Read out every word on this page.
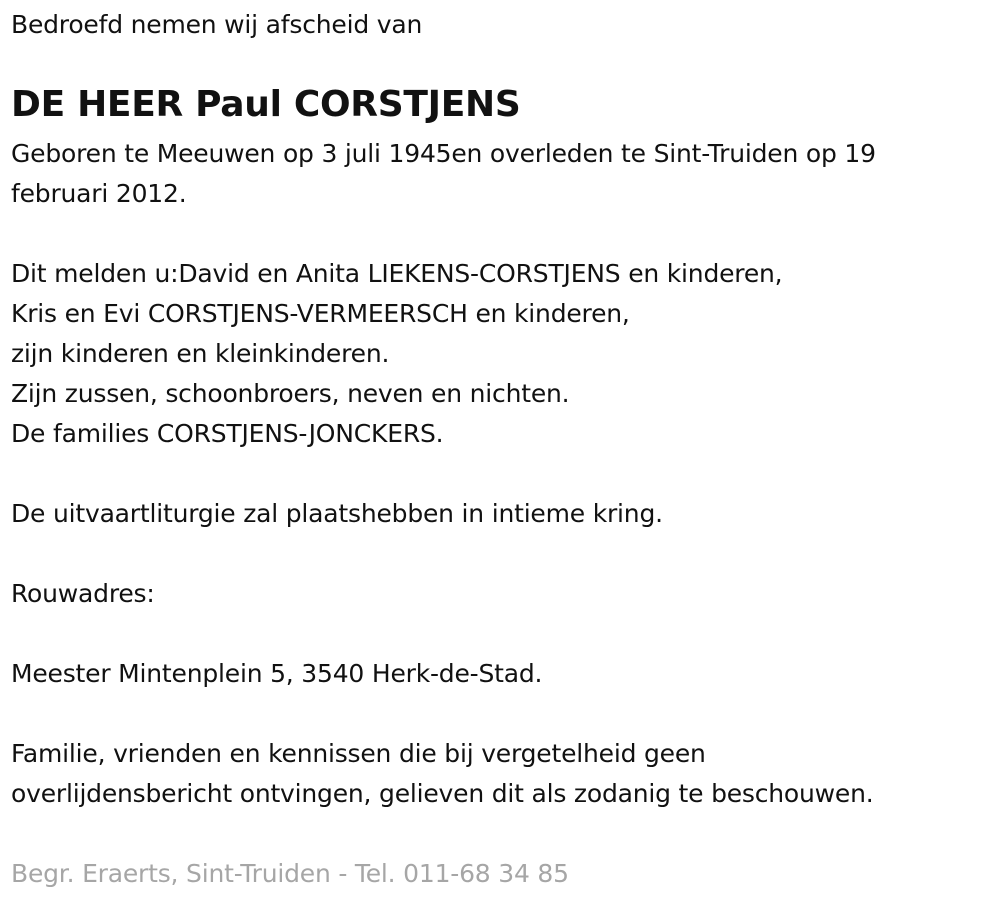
Bedroefd nemen wij afscheid van
DE HEER Paul CORSTJENS
Geboren te Meeuwen op 3 juli 1945en overleden te Sint-Truiden op 19
februari 2012.
Dit melden u:David en Anita LIEKENS-CORSTJENS en kinderen,
Kris en Evi CORSTJENS-VERMEERSCH en kinderen,
zijn kinderen en kleinkinderen.
Zijn zussen, schoonbroers, neven en nichten.
De families CORSTJENS-JONCKERS.
De uitvaartliturgie zal plaatshebben in intieme kring.
Rouwadres:
Meester Mintenplein 5, 3540 Herk-de-Stad.
Familie, vrienden en kennissen die bij vergetelheid geen
overlijdensbericht ontvingen, gelieven dit als zodanig te beschouwen.
Begr. Eraerts, Sint-Truiden - Tel. 011-68 34 85
